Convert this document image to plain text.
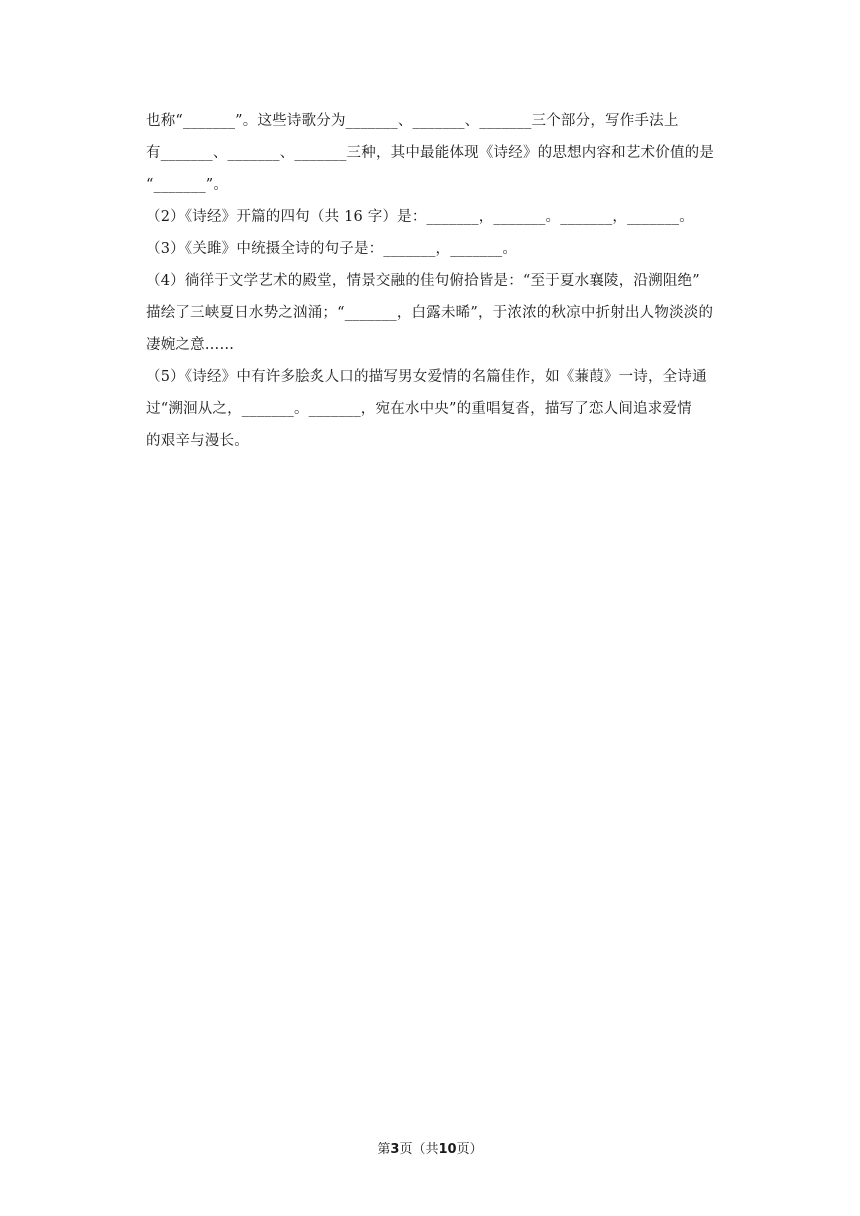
也称“_______”。这些诗歌分为_______、_______、_______三个部分，写作手法上
有_______、_______、_______三种，其中最能体现《诗经》的思想内容和艺术价值的是
“_______”。
（2）《诗经》开篇的四句（共 16 字）是：_______，_______。_______，_______。
（3）《关雎》中统摄全诗的句子是：_______，_______。
（4）徜徉于文学艺术的殿堂，情景交融的佳句俯拾皆是：“至于夏水襄陵，沿溯阻绝”
描绘了三峡夏日水势之汹涌；“_______，白露未晞”，于浓浓的秋凉中折射出人物淡淡的
凄婉之意……
（5）《诗经》中有许多脍炙人口的描写男女爱情的名篇佳作，如《蒹葭》一诗，全诗通
过“溯洄从之，_______。_______，宛在水中央”的重唱复沓，描写了恋人间追求爱情
的艰辛与漫长。
第3页（共10页）
